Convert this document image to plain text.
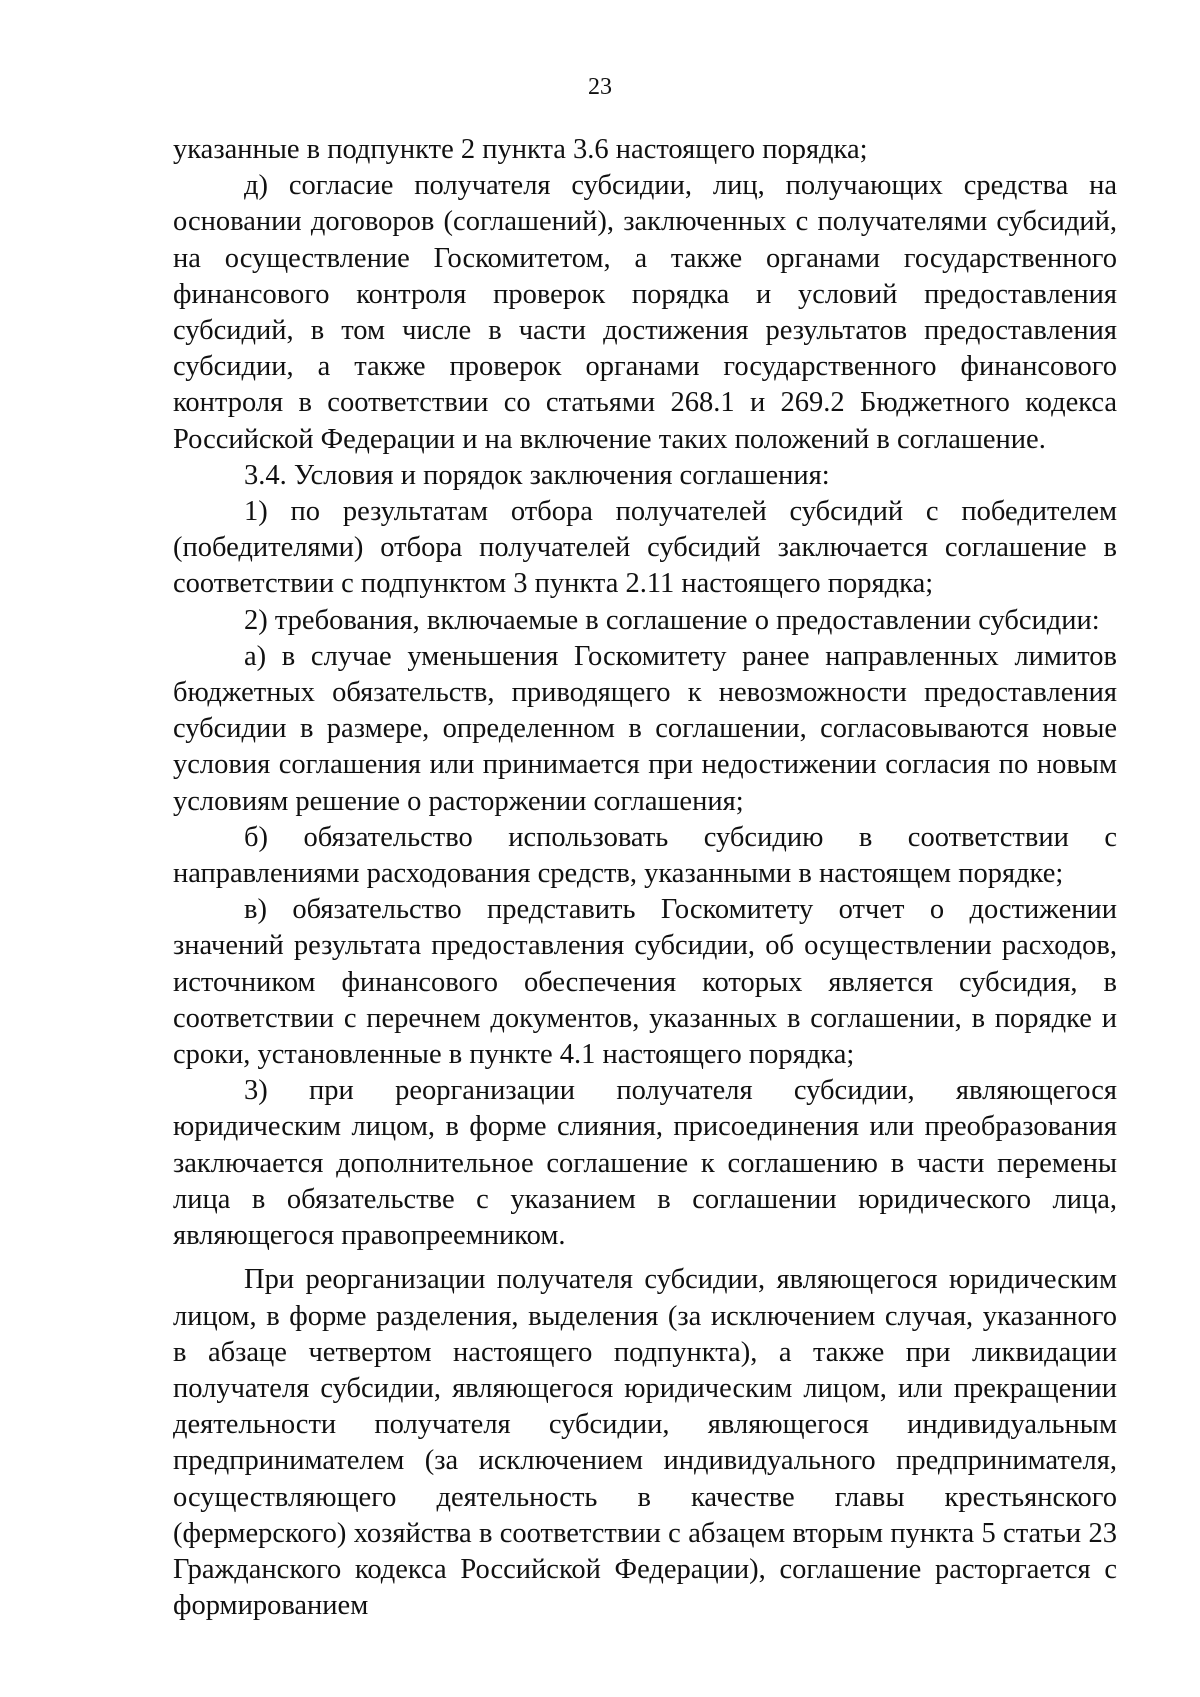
23

указанные в подпункте 2 пункта 3.6 настоящего порядка;

д) согласие получателя субсидии, лиц, получающих средства на основании договоров (соглашений), заключенных с получателями субсидий, на осуществление Госкомитетом, а также органами государственного финансового контроля проверок порядка и условий предоставления субсидий, в том числе в части достижения результатов предоставления субсидии, а также проверок органами государственного финансового контроля в соответствии со статьями 268.1 и 269.2 Бюджетного кодекса Российской Федерации и на включение таких положений в соглашение.

3.4. Условия и порядок заключения соглашения:

1) по результатам отбора получателей субсидий с победителем (победителями) отбора получателей субсидий заключается соглашение в соответствии с подпунктом 3 пункта 2.11 настоящего порядка;

2) требования, включаемые в соглашение о предоставлении субсидии:

а) в случае уменьшения Госкомитету ранее направленных лимитов бюджетных обязательств, приводящего к невозможности предоставления субсидии в размере, определенном в соглашении, согласовываются новые условия соглашения или принимается при недостижении согласия по новым условиям решение о расторжении соглашения;

б) обязательство использовать субсидию в соответствии с направлениями расходования средств, указанными в настоящем порядке;

в) обязательство представить Госкомитету отчет о достижении значений результата предоставления субсидии, об осуществлении расходов, источником финансового обеспечения которых является субсидия, в соответствии с перечнем документов, указанных в соглашении, в порядке и сроки, установленные в пункте 4.1 настоящего порядка;

3) при реорганизации получателя субсидии, являющегося юридическим лицом, в форме слияния, присоединения или преобразования заключается дополнительное соглашение к соглашению в части перемены лица в обязательстве с указанием в соглашении юридического лица, являющегося правопреемником.

При реорганизации получателя субсидии, являющегося юридическим лицом, в форме разделения, выделения (за исключением случая, указанного в абзаце четвертом настоящего подпункта), а также при ликвидации получателя субсидии, являющегося юридическим лицом, или прекращении деятельности получателя субсидии, являющегося индивидуальным предпринимателем (за исключением индивидуального предпринимателя, осуществляющего деятельность в качестве главы крестьянского (фермерского) хозяйства в соответствии с абзацем вторым пункта 5 статьи 23 Гражданского кодекса Российской Федерации), соглашение расторгается с формированием
